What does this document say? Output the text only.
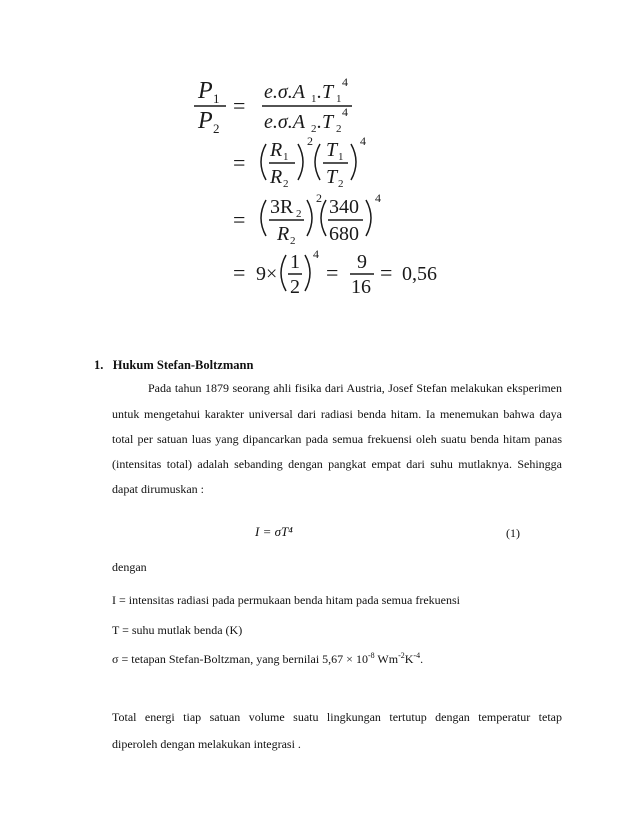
P 1
P 2
=
e.σ.A 1 .T 1
4
e.σ.A 2 .T 2
4
= R 1
R 2
2 T 1
T 2
4
= 3R 2
R 2
2 340
680
4
= 9×
1
2
4
= 9
16
= 0,56
1. Hukum Stefan-Boltzmann
Pada tahun 1879 seorang ahli fisika dari Austria, Josef Stefan melakukan eksperimen
untuk mengetahui karakter universal dari radiasi benda hitam. Ia menemukan bahwa daya
total per satuan luas yang dipancarkan pada semua frekuensi oleh suatu benda hitam panas
(intensitas total) adalah sebanding dengan pangkat empat dari suhu mutlaknya. Sehingga
dapat dirumuskan :
I = σT⁴	(1)
dengan
I = intensitas radiasi pada permukaan benda hitam pada semua frekuensi
T = suhu mutlak benda (K)
σ = tetapan Stefan-Boltzman, yang bernilai $5,67 \times 10^{-8}$ $Wm^{-2}K^{-4}$.
Total energi tiap satuan volume suatu lingkungan tertutup dengan temperatur tetap
diperoleh dengan melakukan integrasi .
